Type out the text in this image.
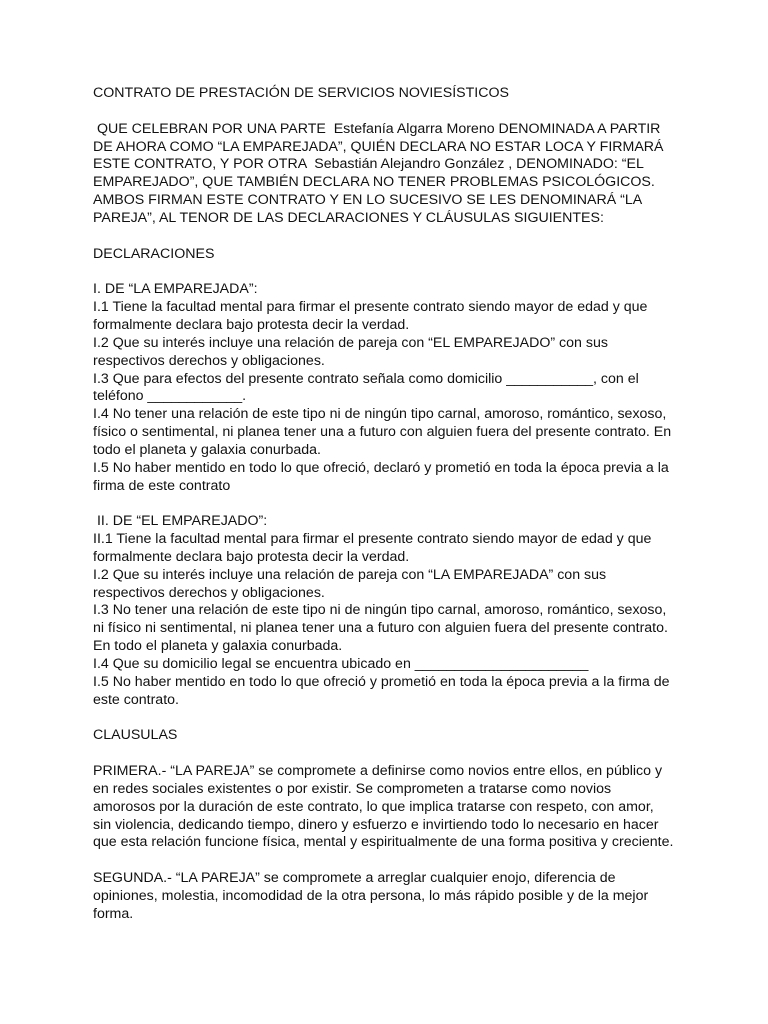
CONTRATO DE PRESTACIÓN DE SERVICIOS NOVIESÍSTICOS

QUE CELEBRAN POR UNA PARTE  Estefanía Algarra Moreno DENOMINADA A PARTIR
DE AHORA COMO “LA EMPAREJADA”, QUIÉN DECLARA NO ESTAR LOCA Y FIRMARÁ
ESTE CONTRATO, Y POR OTRA  Sebastián Alejandro González , DENOMINADO: “EL
EMPAREJADO”, QUE TAMBIÉN DECLARA NO TENER PROBLEMAS PSICOLÓGICOS.
AMBOS FIRMAN ESTE CONTRATO Y EN LO SUCESIVO SE LES DENOMINARÁ “LA
PAREJA”, AL TENOR DE LAS DECLARACIONES Y CLÁUSULAS SIGUIENTES:

DECLARACIONES

I. DE “LA EMPAREJADA”:
I.1 Tiene la facultad mental para firmar el presente contrato siendo mayor de edad y que
formalmente declara bajo protesta decir la verdad.
I.2 Que su interés incluye una relación de pareja con “EL EMPAREJADO” con sus
respectivos derechos y obligaciones.
I.3 Que para efectos del presente contrato señala como domicilio ___________, con el
teléfono ____________.
I.4 No tener una relación de este tipo ni de ningún tipo carnal, amoroso, romántico, sexoso,
físico o sentimental, ni planea tener una a futuro con alguien fuera del presente contrato. En
todo el planeta y galaxia conurbada.
I.5 No haber mentido en todo lo que ofreció, declaró y prometió en toda la época previa a la
firma de este contrato

II. DE “EL EMPAREJADO”:
II.1 Tiene la facultad mental para firmar el presente contrato siendo mayor de edad y que
formalmente declara bajo protesta decir la verdad.
I.2 Que su interés incluye una relación de pareja con “LA EMPAREJADA” con sus
respectivos derechos y obligaciones.
I.3 No tener una relación de este tipo ni de ningún tipo carnal, amoroso, romántico, sexoso,
ni físico ni sentimental, ni planea tener una a futuro con alguien fuera del presente contrato.
En todo el planeta y galaxia conurbada.
I.4 Que su domicilio legal se encuentra ubicado en ______________________
I.5 No haber mentido en todo lo que ofreció y prometió en toda la época previa a la firma de
este contrato.

CLAUSULAS

PRIMERA.- “LA PAREJA” se compromete a definirse como novios entre ellos, en público y
en redes sociales existentes o por existir. Se comprometen a tratarse como novios
amorosos por la duración de este contrato, lo que implica tratarse con respeto, con amor,
sin violencia, dedicando tiempo, dinero y esfuerzo e invirtiendo todo lo necesario en hacer
que esta relación funcione física, mental y espiritualmente de una forma positiva y creciente.

SEGUNDA.- “LA PAREJA” se compromete a arreglar cualquier enojo, diferencia de
opiniones, molestia, incomodidad de la otra persona, lo más rápido posible y de la mejor
forma.
